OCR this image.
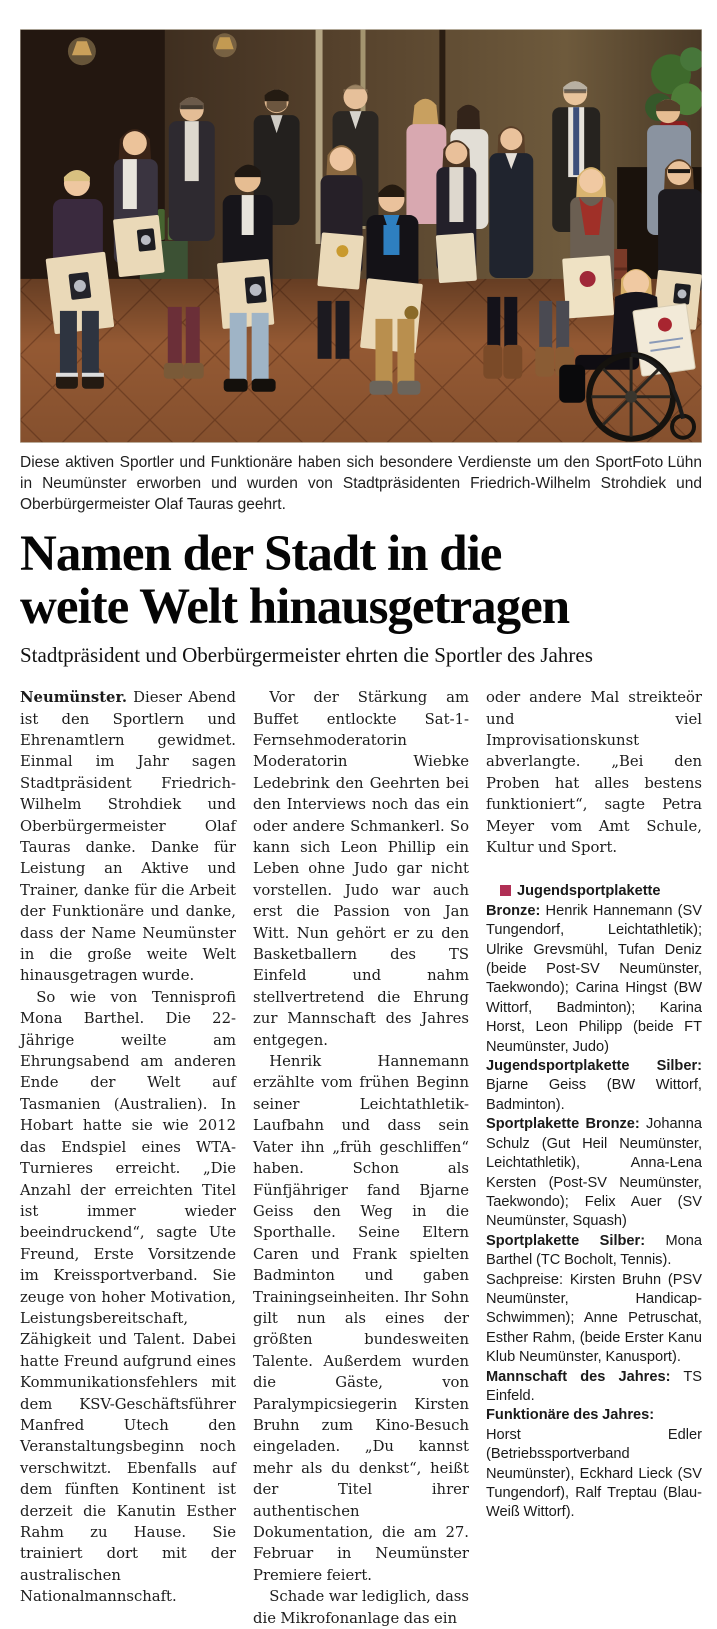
Foto Lühn
Diese aktiven Sportler und Funktionäre haben sich besondere Verdienste um den Sport in Neumünster erworben und wurden von Stadtpräsidenten Friedrich-Wilhelm Strohdiek und Oberbürgermeister Olaf Tauras geehrt.
Namen der Stadt in die
weite Welt hinausgetragen
Stadtpräsident und Oberbürgermeister ehrten die Sportler des Jahres

Neumünster. Dieser Abend ist den Sportlern und Ehrenamtlern gewidmet. Einmal im Jahr sagen Stadtpräsident Friedrich-Wilhelm Strohdiek und Oberbürgermeister Olaf Tauras danke. Danke für Leistung an Aktive und Trainer, danke für die Arbeit der Funktionäre und danke, dass der Name Neumünster in die große weite Welt hinausgetragen wurde.

So wie von Tennisprofi Mona Barthel. Die 22-Jährige weilte am Ehrungsabend am anderen Ende der Welt auf Tasmanien (Australien). In Hobart hatte sie wie 2012 das Endspiel eines WTA-Turnieres erreicht. „Die Anzahl der erreichten Titel ist immer wieder beeindruckend“, sagte Ute Freund, Erste Vorsitzende im Kreissportverband. Sie zeuge von hoher Motivation, Leistungsbereitschaft, Zähigkeit und Talent. Dabei hatte Freund aufgrund eines Kommunikationsfehlers mit dem KSV-Geschäftsführer Manfred Utech den Veranstaltungsbeginn noch verschwitzt. Ebenfalls auf dem fünften Kontinent ist derzeit die Kanutin Esther Rahm zu Hause. Sie trainiert dort mit der australischen Nationalmannschaft.

Vor der Stärkung am Buffet entlockte Sat-1-Fernsehmoderatorin Moderatorin Wiebke Ledebrink den Geehrten bei den Interviews noch das ein oder andere Schmankerl. So kann sich Leon Phillip ein Leben ohne Judo gar nicht vorstellen. Judo war auch erst die Passion von Jan Witt. Nun gehört er zu den Basketballern des TS Einfeld und nahm stellvertretend die Ehrung zur Mannschaft des Jahres entgegen.

Henrik Hannemann erzählte vom frühen Beginn seiner Leichtathletik-Laufbahn und dass sein Vater ihn „früh geschliffen“ haben. Schon als Fünfjähriger fand Bjarne Geiss den Weg in die Sporthalle. Seine Eltern Caren und Frank spielten Badminton und gaben Trainingseinheiten. Ihr Sohn gilt nun als eines der größten bundesweiten Talente. Außerdem wurden die Gäste, von Paralympicsiegerin Kirsten Bruhn zum Kino-Besuch eingeladen. „Du kannst mehr als du denkst“, heißt der Titel ihrer authentischen Dokumentation, die am 27. Februar in Neumünster Premiere feiert.

Schade war lediglich, dass die Mikrofonanlage das ein

ör
oder andere Mal streikte und viel Improvisationskunst abverlangte. „Bei den Proben hat alles bestens funktioniert“, sagte Petra Meyer vom Amt Schule, Kultur und Sport.

Jugendsportplakette Bronze: Henrik Hannemann (SV Tungendorf, Leichtathletik); Ulrike Grevsmühl, Tufan Deniz (beide Post-SV Neumünster, Taekwondo); Carina Hingst (BW Wittorf, Badminton); Karina Horst, Leon Philipp (beide FT Neumünster, Judo)

Jugendsportplakette Silber: Bjarne Geiss (BW Wittorf, Badminton).

Sportplakette Bronze: Johanna Schulz (Gut Heil Neumünster, Leichtathletik), Anna-Lena Kersten (Post-SV Neumünster, Taekwondo); Felix Auer (SV Neumünster, Squash)

Sportplakette Silber: Mona Barthel (TC Bocholt, Tennis).

Sachpreise: Kirsten Bruhn (PSV Neumünster, Handicap-Schwimmen); Anne Petruschat, Esther Rahm, (beide Erster Kanu Klub Neumünster, Kanusport).

Mannschaft des Jahres: TS Einfeld.

Funktionäre des Jahres:

Horst Edler (Betriebssportverband Neumünster), Eckhard Lieck (SV Tungendorf), Ralf Treptau (Blau-Weiß Wittorf).
